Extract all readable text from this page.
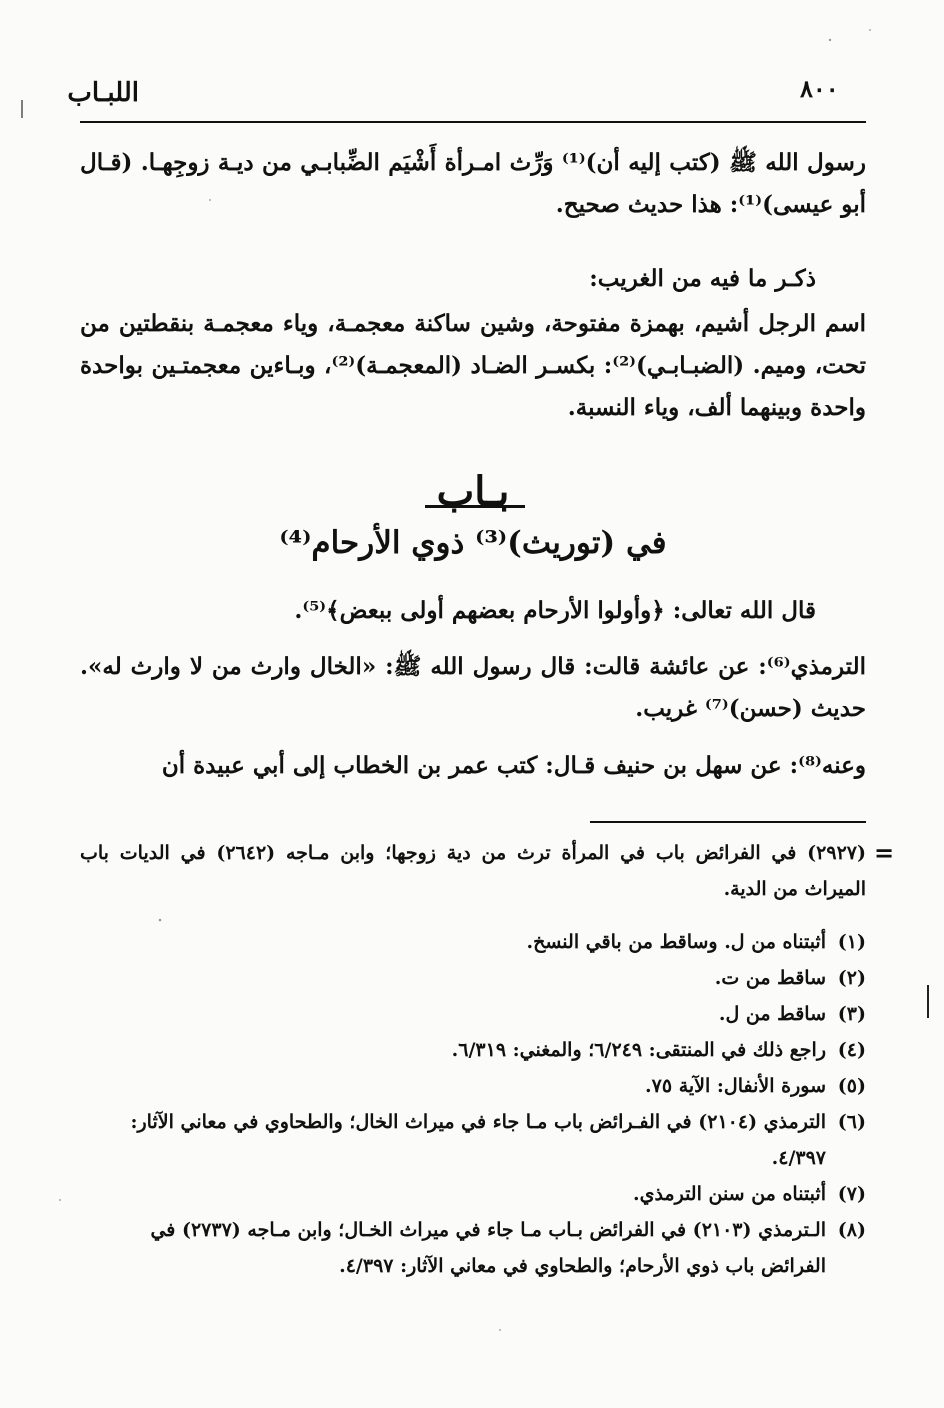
اللبـاب	٨٠٠
رسول الله ﷺ (كتب إليه أن)⁽¹⁾ وَرِّث امـرأة أَشْيَم الضِّبابـي من ديـة زوجِهـا. (قـال أبو عيسى)⁽¹⁾: هذا حديث صحيح.
ذكـر ما فيه من الغريب:
اسم الرجل أشيم، بهمزة مفتوحة، وشين ساكنة معجمـة، وياء معجمـة بنقطتين من تحت، وميم. (الضبـابـي)⁽²⁾: بكسـر الضـاد (المعجمـة)⁽²⁾، وبـاءين معجمتـين بواحدة واحدة وبينهما ألف، وياء النسبة.
بـاب
في (توريث)⁽³⁾ ذوي الأرحام⁽⁴⁾
قال الله تعالى: ﴿وأولوا الأرحام بعضهم أولى ببعض﴾⁽⁵⁾.
الترمذي⁽⁶⁾: عن عائشة قالت: قال رسول الله ﷺ: «الخال وارث من لا وارث له». حديث (حسن)⁽⁷⁾ غريب.
وعنه⁽⁸⁾: عن سهل بن حنيف قـال: كتب عمر بن الخطاب إلى أبي عبيدة أن
=
(٢٩٢٧) في الفرائض باب في المرأة ترث من دية زوجها؛ وابن مـاجه (٢٦٤٢) في الديات باب الميراث من الدية.
(١)
أثبتناه من ل. وساقط من باقي النسخ.
(٢)
ساقط من ت.
(٣)
ساقط من ل.
(٤)
راجع ذلك في المنتقى: ٦/٢٤٩؛ والمغني: ٦/٣١٩.
(٥)
سورة الأنفال: الآية ٧٥.
(٦)
الترمذي (٢١٠٤) في الفـرائض باب مـا جاء في ميراث الخال؛ والطحاوي في معاني الآثار: ٤/٣٩٧.
(٧)
أثبتناه من سنن الترمذي.
(٨)
الـترمذي (٢١٠٣) في الفرائض بـاب مـا جاء في ميراث الخـال؛ وابن مـاجه (٢٧٣٧) في الفرائض باب ذوي الأرحام؛ والطحاوي في معاني الآثار: ٤/٣٩٧.
